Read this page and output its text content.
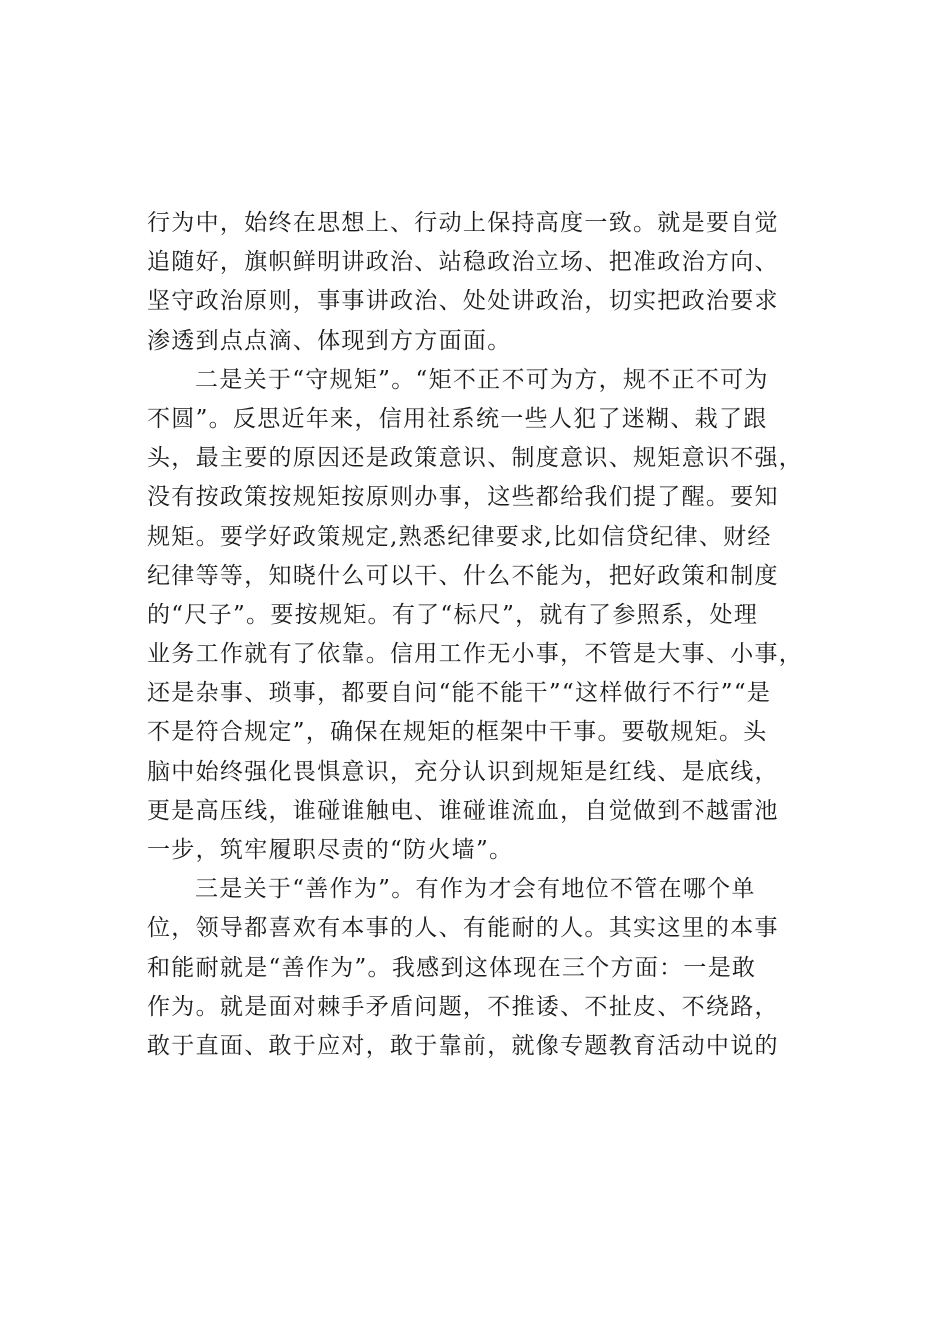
行为中，始终在思想上、行动上保持高度一致。就是要自觉
追随好，旗帜鲜明讲政治、站稳政治立场、把准政治方向、
坚守政治原则，事事讲政治、处处讲政治，切实把政治要求
渗透到点点滴、体现到方方面面。
二是关于“守规矩”。“矩不正不可为方，规不正不可为
不圆”。反思近年来，信用社系统一些人犯了迷糊、栽了跟
头，最主要的原因还是政策意识、制度意识、规矩意识不强，
没有按政策按规矩按原则办事，这些都给我们提了醒。要知
规矩。要学好政策规定,熟悉纪律要求,比如信贷纪律、财经
纪律等等，知晓什么可以干、什么不能为，把好政策和制度
的“尺子”。要按规矩。有了“标尺”，就有了参照系，处理
业务工作就有了依靠。信用工作无小事，不管是大事、小事，
还是杂事、琐事，都要自问“能不能干”“这样做行不行”“是
不是符合规定”，确保在规矩的框架中干事。要敬规矩。头
脑中始终强化畏惧意识，充分认识到规矩是红线、是底线，
更是高压线，谁碰谁触电、谁碰谁流血，自觉做到不越雷池
一步，筑牢履职尽责的“防火墙”。
三是关于“善作为”。有作为才会有地位不管在哪个单
位，领导都喜欢有本事的人、有能耐的人。其实这里的本事
和能耐就是“善作为”。我感到这体现在三个方面：一是敢
作为。就是面对棘手矛盾问题，不推诿、不扯皮、不绕路，
敢于直面、敢于应对，敢于靠前，就像专题教育活动中说的
